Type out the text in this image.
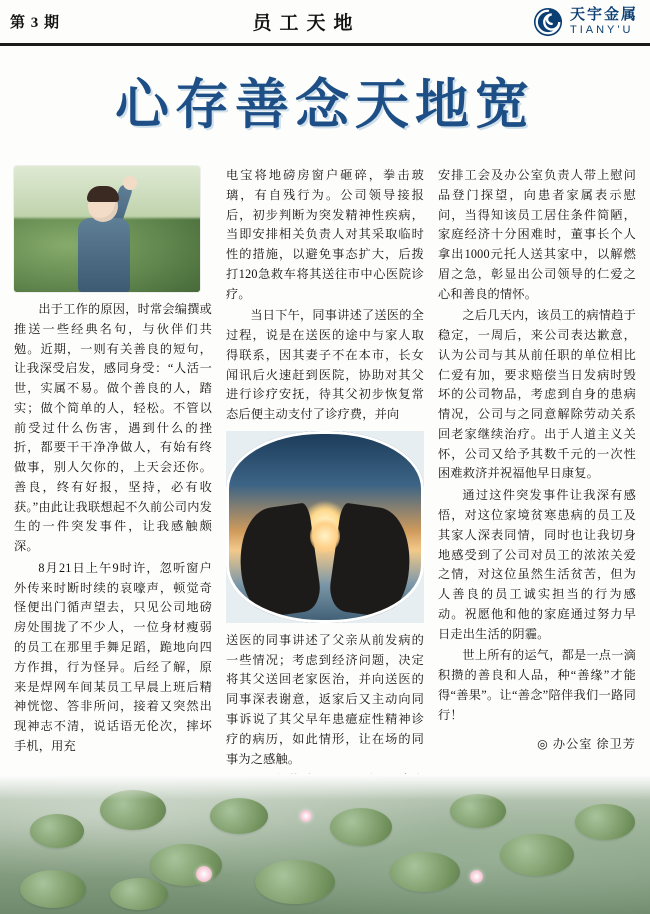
第 3 期	员工天地	天宇金属
TIANY'U
心存善念天地宽

出于工作的原因，时常会编撰或推送一些经典名句，与伙伴们共勉。近期，一则有关善良的短句，让我深受启发，感同身受：“人活一世，实属不易。做个善良的人，踏实；做个简单的人，轻松。不管以前受过什么伤害，遇到什么的挫折，都要干干净净做人，有始有终做事，别人欠你的，上天会还你。善良，终有好报，坚持，必有收获。”由此让我联想起不久前公司内发生的一件突发事件，让我感触颇深。

8月21日上午9时许，忽听窗户外传来时断时续的哀嚎声，顿觉奇怪便出门循声望去，只见公司地磅房处围拢了不少人，一位身材瘦弱的员工在那里手舞足蹈，跪地向四方作揖，行为怪异。后经了解，原来是焊网车间某员工早晨上班后精神恍惚、答非所问，接着又突然出现神志不清，说话语无伦次，摔坏手机，用充

电宝将地磅房窗户砸碎，拳击玻璃，有自残行为。公司领导接报后，初步判断为突发精神性疾病，当即安排相关负责人对其采取临时性的措施，以避免事态扩大，后拨打120急救车将其送往市中心医院诊疗。

当日下午，同事讲述了送医的全过程，说是在送医的途中与家人取得联系，因其妻子不在本市，长女闻讯后火速赶到医院，协助对其父进行诊疗安抚，待其父初步恢复常态后便主动支付了诊疗费，并向

送医的同事讲述了父亲从前发病的一些情况；考虑到经济问题，决定将其父送回老家医治，并向送医的同事深表谢意，返家后又主动向同事诉说了其父早年患癔症性精神诊疗的病历，如此情形，让在场的同事为之感触。

安排工会及办公室负责人带上慰问品登门探望，向患者家属表示慰问，当得知该员工居住条件简陋，家庭经济十分困难时，董事长个人拿出1000元托人送其家中，以解燃眉之急，彰显出公司领导的仁爱之心和善良的情怀。

之后几天内，该员工的病情趋于稳定，一周后，来公司表达歉意，认为公司与其从前任职的单位相比仁爱有加，要求赔偿当日发病时毁坏的公司物品，考虑到自身的患病情况，公司与之同意解除劳动关系回老家继续治疗。出于人道主义关怀，公司又给予其数千元的一次性困难救济并祝福他早日康复。

通过这件突发事件让我深有感悟，对这位家境贫寒患病的员工及其家人深表同情，同时也让我切身地感受到了公司对员工的浓浓关爱之情，对这位虽然生活贫苦，但为人善良的员工诚实担当的行为感动。祝愿他和他的家庭通过努力早日走出生活的阴霾。

世上所有的运气，都是一点一滴积攒的善良和人品，种“善缘”才能得“善果”。让“善念”陪伴我们一路同行！

◎ 办公室 徐卫芳
